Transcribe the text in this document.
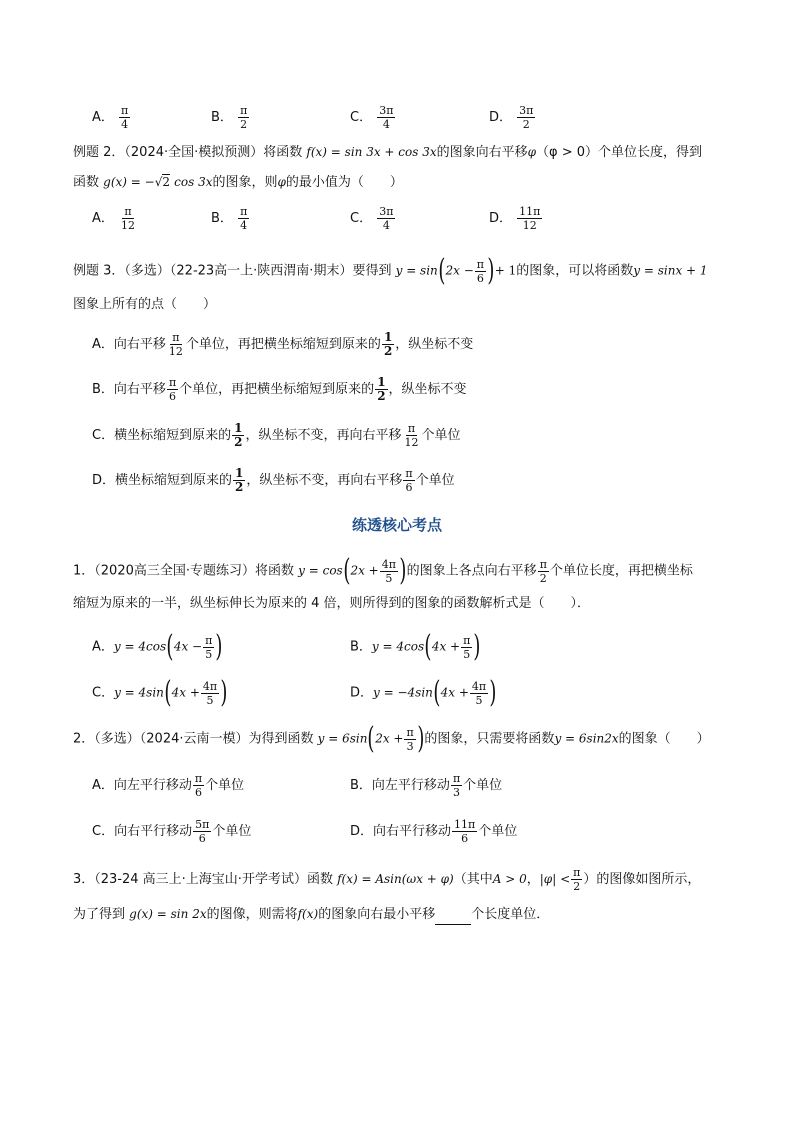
A． $\frac{\pi}{4}$	B． $\frac{\pi}{2}$	C． $\frac{3\pi}{4}$	D． $\frac{3\pi}{2}$
例题 2．（2024·全国·模拟预测）将函数 f(x) = sin 3x + cos 3x的图象向右平移φ（φ > 0）个单位长度，得到
函数 g(x) = −√2 cos 3x的图象，则φ的最小值为（　　）
A． $\frac{\pi}{12}$	B． $\frac{\pi}{4}$	C． $\frac{3\pi}{4}$	D． $\frac{11\pi}{12}$
例题 3．（多选）（22-23高一上·陕西渭南·期末）要得到 $y = \sin(2x - \frac{\pi}{6}$ )+ 1的图象，可以将函数y = sinx + 1
图象上所有的点（　　）
A．向右平移 $\frac{\pi}{12}$ 个单位，再把横坐标缩短到原来的 $\frac{1}{2}$ ，纵坐标不变
B．向右平移 $\frac{\pi}{6}$ 个单位，再把横坐标缩短到原来的 $\frac{1}{2}$ ，纵坐标不变
C．横坐标缩短到原来的 $\frac{1}{2}$ ，纵坐标不变，再向右平移 $\frac{\pi}{12}$ 个单位
D．横坐标缩短到原来的 $\frac{1}{2}$ ，纵坐标不变，再向右平移 $\frac{\pi}{6}$ 个单位
练透核心考点
1．（2020高三全国·专题练习）将函数 $y = \cos(2x + \frac{4\pi}{5}$ )的图象上各点向右平移 $\frac{\pi}{2}$ 个单位长度，再把横坐标
缩短为原来的一半，纵坐标伸长为原来的 4 倍，则所得到的图象的函数解析式是（　　）．
A．$y = 4\cos(4x - \frac{\pi}{5}$ )	B．$y = 4\cos(4x + \frac{\pi}{5}$ )
C．$y = 4\sin(4x + \frac{4\pi}{5}$ )	D．$y = -4\sin(4x + \frac{4\pi}{5}$ )
2．（多选）（2024·云南一模）为得到函数 $y = 6\sin(2x + \frac{\pi}{3}$ )的图象，只需要将函数y = 6sin2x的图象（　　）
A．向左平行移动 $\frac{\pi}{6}$ 个单位	B．向左平行移动 $\frac{\pi}{3}$ 个单位
C．向右平行移动 $\frac{5\pi}{6}$ 个单位	D．向右平行移动 $\frac{11\pi}{6}$ 个单位
3．（23-24 高三上·上海宝山·开学考试）函数 f(x) = Asin(ωx + φ)（其中A > 0，$|\varphi| < \frac{\pi}{2}$ ）的图像如图所示，
为了得到 g(x) = sin 2x的图像，则需将f(x)的图象向右最小平移	个长度单位．
